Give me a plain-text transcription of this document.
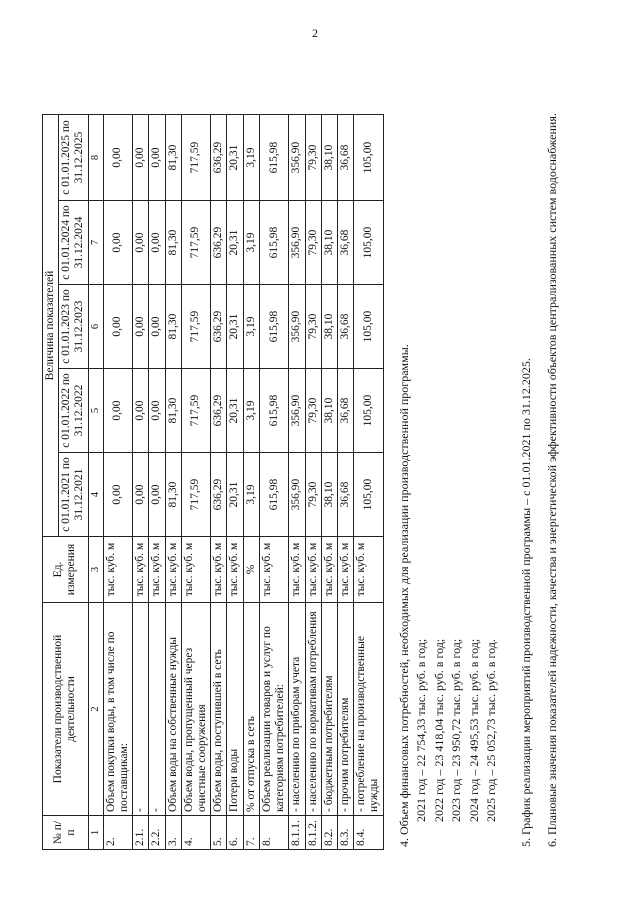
2
№ п/п	Показатели производственной деятельности	Ед. измерения	Величина показателей				
			с 01.01.2021 по 31.12.2021	с 01.01.2022 по 31.12.2022	с 01.01.2023 по 31.12.2023	с 01.01.2024 по 31.12.2024	с 01.01.2025 по 31.12.2025
1	2	3	4	5	6	7	8
2.	Объем покупки воды, в том числе по поставщикам:	тыс. куб. м	0,00	0,00	0,00	0,00	0,00
2.1.	-	тыс. куб. м	0,00	0,00	0,00	0,00	0,00
2.2.	-	тыс. куб. м	0,00	0,00	0,00	0,00	0,00
3.	Объем воды на собственные нужды	тыс. куб. м	81,30	81,30	81,30	81,30	81,30
4.	Объем воды, пропущенный через очистные сооружения	тыс. куб. м	717,59	717,59	717,59	717,59	717,59
5.	Объем воды, поступившей в сеть	тыс. куб. м	636,29	636,29	636,29	636,29	636,29
6.	Потери воды	тыс. куб. м	20,31	20,31	20,31	20,31	20,31
7.	% от отпуска в сеть	%	3,19	3,19	3,19	3,19	3,19
8.	Объем реализации товаров и услуг по категориям потребителей:	тыс. куб. м	615,98	615,98	615,98	615,98	615,98
8.1.1.	- населению по приборам учета	тыс. куб. м	356,90	356,90	356,90	356,90	356,90
8.1.2.	- населению по нормативам потребления	тыс. куб. м	79,30	79,30	79,30	79,30	79,30
8.2.	- бюджетным потребителям	тыс. куб. м	38,10	38,10	38,10	38,10	38,10
8.3.	- прочим потребителям	тыс. куб. м	36,68	36,68	36,68	36,68	36,68
8.4.	- потребление на производственные нужды	тыс. куб. м	105,00	105,00	105,00	105,00	105,00

4. Объем финансовых потребностей, необходимых для реализации производственной программы. 2021 год – 22 754,33 тыс. руб. в год; 2022 год – 23 418,04 тыс. руб. в год; 2023 год – 23 950,72 тыс. руб. в год; 2024 год – 24 495,53 тыс. руб. в год; 2025 год – 25 052,73 тыс. руб. в год. 5. График реализации мероприятий производственной программы – с 01.01.2021 по 31.12.2025. 6. Плановые значения показателей надежности, качества и энергетической эффективности объектов централизованных систем водоснабжения.
